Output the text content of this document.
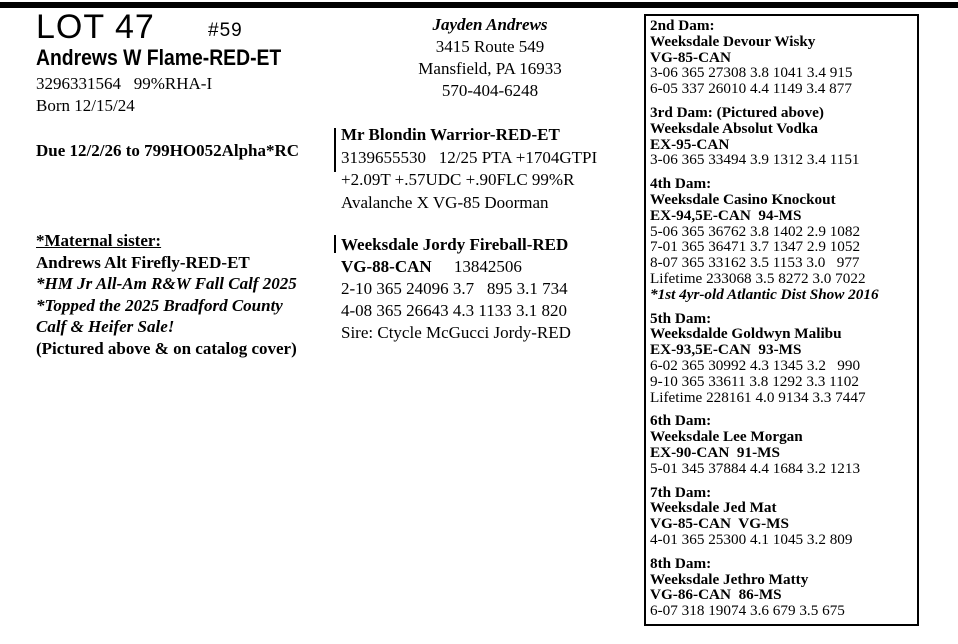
LOT 47	#59
Andrews W Flame-RED-ET
3296331564   99%RHA-I
Born 12/15/24
Due 12/2/26 to 799HO052Alpha*RC
*Maternal sister:
Andrews Alt Firefly-RED-ET
*HM Jr All-Am R&W Fall Calf 2025
*Topped the 2025 Bradford County
Calf & Heifer Sale!
(Pictured above & on catalog cover)
Jayden Andrews
3415 Route 549
Mansfield, PA 16933
570-404-6248
Mr Blondin Warrior-RED-ET
3139655530   12/25 PTA +1704GTPI
+2.09T +.57UDC +.90FLC 99%R
Avalanche X VG-85 Doorman
Weeksdale Jordy Fireball-RED
VG-88-CAN 13842506
2-10 365 24096 3.7   895 3.1 734
4-08 365 26643 4.3 1133 3.1 820
Sire: Ctycle McGucci Jordy-RED
2nd Dam:
Weeksdale Devour Wisky
VG-85-CAN
3-06 365 27308 3.8 1041 3.4 915
6-05 337 26010 4.4 1149 3.4 877
3rd Dam: (Pictured above)
Weeksdale Absolut Vodka
EX-95-CAN
3-06 365 33494 3.9 1312 3.4 1151
4th Dam:
Weeksdale Casino Knockout
EX-94,5E-CAN  94-MS
5-06 365 36762 3.8 1402 2.9 1082
7-01 365 36471 3.7 1347 2.9 1052
8-07 365 33162 3.5 1153 3.0   977
Lifetime 233068 3.5 8272 3.0 7022
*1st 4yr-old Atlantic Dist Show 2016
5th Dam:
Weeksdalde Goldwyn Malibu
EX-93,5E-CAN  93-MS
6-02 365 30992 4.3 1345 3.2   990
9-10 365 33611 3.8 1292 3.3 1102
Lifetime 228161 4.0 9134 3.3 7447
6th Dam:
Weeksdale Lee Morgan
EX-90-CAN  91-MS
5-01 345 37884 4.4 1684 3.2 1213
7th Dam:
Weeksdale Jed Mat
VG-85-CAN  VG-MS
4-01 365 25300 4.1 1045 3.2 809
8th Dam:
Weeksdale Jethro Matty
VG-86-CAN  86-MS
6-07 318 19074 3.6 679 3.5 675
